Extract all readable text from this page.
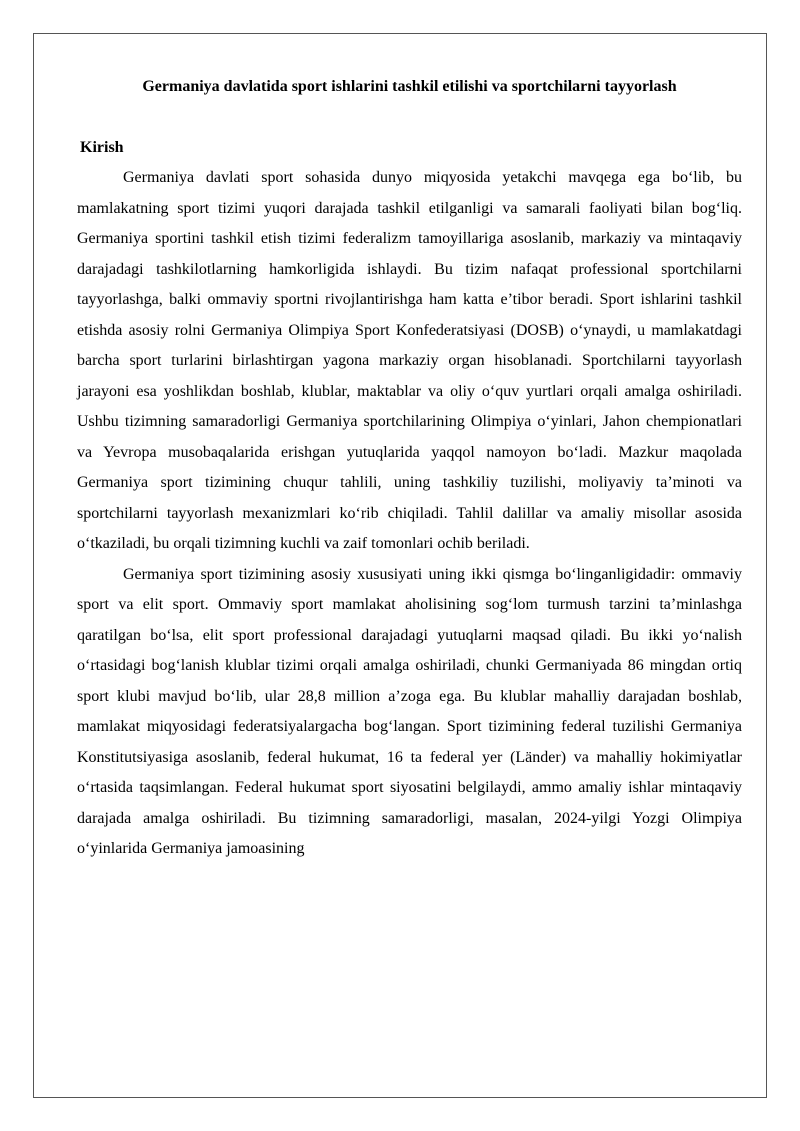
Germaniya davlatida sport ishlarini tashkil etilishi va sportchilarni tayyorlash
Kirish

Germaniya davlati sport sohasida dunyo miqyosida yetakchi mavqega ega bo‘lib, bu mamlakatning sport tizimi yuqori darajada tashkil etilganligi va samarali faoliyati bilan bog‘liq. Germaniya sportini tashkil etish tizimi federalizm tamoyillariga asoslanib, markaziy va mintaqaviy darajadagi tashkilotlarning hamkorligida ishlaydi. Bu tizim nafaqat professional sportchilarni tayyorlashga, balki ommaviy sportni rivojlantirishga ham katta e’tibor beradi. Sport ishlarini tashkil etishda asosiy rolni Germaniya Olimpiya Sport Konfederatsiyasi (DOSB) o‘ynaydi, u mamlakatdagi barcha sport turlarini birlashtirgan yagona markaziy organ hisoblanadi. Sportchilarni tayyorlash jarayoni esa yoshlikdan boshlab, klublar, maktablar va oliy o‘quv yurtlari orqali amalga oshiriladi. Ushbu tizimning samaradorligi Germaniya sportchilarining Olimpiya o‘yinlari, Jahon chempionatlari va Yevropa musobaqalarida erishgan yutuqlarida yaqqol namoyon bo‘ladi. Mazkur maqolada Germaniya sport tizimining chuqur tahlili, uning tashkiliy tuzilishi, moliyaviy ta’minoti va sportchilarni tayyorlash mexanizmlari ko‘rib chiqiladi. Tahlil dalillar va amaliy misollar asosida o‘tkaziladi, bu orqali tizimning kuchli va zaif tomonlari ochib beriladi.

Germaniya sport tizimining asosiy xususiyati uning ikki qismga bo‘linganligidadir: ommaviy sport va elit sport. Ommaviy sport mamlakat aholisining sog‘lom turmush tarzini ta’minlashga qaratilgan bo‘lsa, elit sport professional darajadagi yutuqlarni maqsad qiladi. Bu ikki yo‘nalish o‘rtasidagi bog‘lanish klublar tizimi orqali amalga oshiriladi, chunki Germaniyada 86 mingdan ortiq sport klubi mavjud bo‘lib, ular 28,8 million a’zoga ega. Bu klublar mahalliy darajadan boshlab, mamlakat miqyosidagi federatsiyalargacha bog‘langan. Sport tizimining federal tuzilishi Germaniya Konstitutsiyasiga asoslanib, federal hukumat, 16 ta federal yer (Länder) va mahalliy hokimiyatlar o‘rtasida taqsimlangan. Federal hukumat sport siyosatini belgilaydi, ammo amaliy ishlar mintaqaviy darajada amalga oshiriladi. Bu tizimning samaradorligi, masalan, 2024-yilgi Yozgi Olimpiya o‘yinlarida Germaniya jamoasining
